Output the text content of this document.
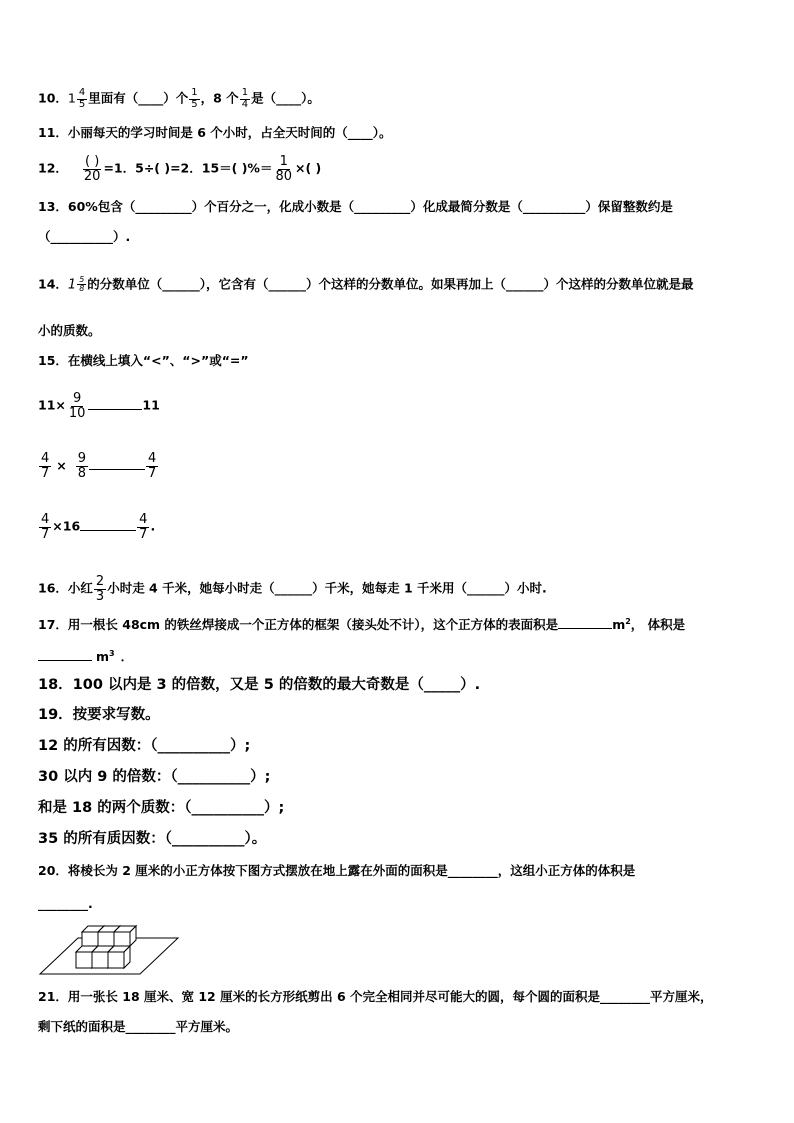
10．$1 \frac{4}{5}$ 里面有（____）个 $\frac{1}{5}$ ，8 个 $\frac{1}{4}$ 是（____）。
11．小丽每天的学习时间是 6 个小时，占全天时间的（____）。
12． $\frac{( )}{20} =1$．5÷( )=2．15＝( )%＝ $\frac{1}{80}$ ×( )
13．60%包含（_________）个百分之一，化成小数是（_________）化成最简分数是（__________）保留整数约是
（__________）.
14．$1 \frac{5}{8}$ 的分数单位（______），它含有（______）个这样的分数单位。如果再加上（______）个这样的分数单位就是最
小的质数。
15．在横线上填入“<”、“>”或“=”
$11\times \frac{9}{10}$	11
$\frac{4}{7} \times \frac{9}{8}$	$\frac{4}{7}$
$\frac{4}{7} \times 16$	$\frac{4}{7}$ .
16．小红 $\frac{2}{3}$ 小时走 4 千米，她每小时走（______）千米，她每走 1 千米用（______）小时.
17．用一根长 48cm 的铁丝焊接成一个正方体的框架（接头处不计），这个正方体的表面积是	$m^2$， 体积是
$m^3$ ．
18．100 以内是 3 的倍数，又是 5 的倍数的最大奇数是（_____）.
19．按要求写数。
12 的所有因数：（__________）;
30 以内 9 的倍数：（__________）;
和是 18 的两个质数：（__________）;
35 的所有质因数：（__________）。
20．将棱长为 2 厘米的小正方体按下图方式摆放在地上露在外面的面积是________，这组小正方体的体积是
________.
21．用一张长 18 厘米、宽 12 厘米的长方形纸剪出 6 个完全相同并尽可能大的圆，每个圆的面积是________平方厘米，
剩下纸的面积是________平方厘米。
